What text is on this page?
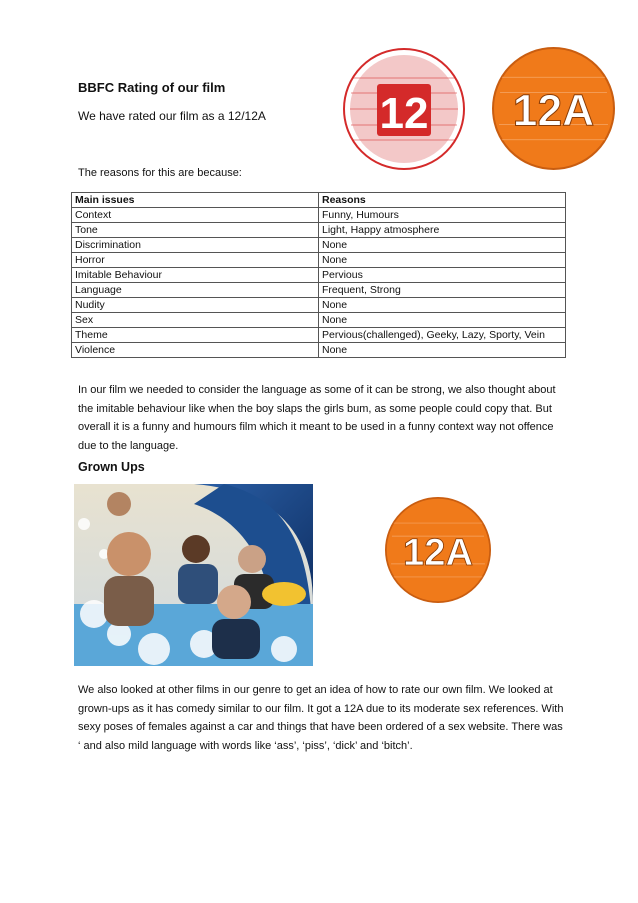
BBFC Rating of our film
We have rated our film as a 12/12A	12 12A
The reasons for this are because:
Main issues	Reasons
Context	Funny, Humours
Tone	Light, Happy atmosphere
Discrimination	None
Horror	None
Imitable Behaviour	Pervious
Language	Frequent, Strong
Nudity	None
Sex	None
Theme	Pervious(challenged), Geeky, Lazy, Sporty, Vein
Violence	None
In our film we needed to consider the language as some of it can be strong, we also thought about the imitable behaviour like when the boy slaps the girls bum, as some people could copy that. But overall it is a funny and humours film which it meant to be used in a funny context way not offence due to the language.
Grown Ups
12A
We also looked at other films in our genre to get an idea of how to rate our own film. We looked at grown-ups as it has comedy similar to our film. It got a 12A due to its moderate sex references. With sexy poses of females against a car and things that have been ordered of a sex website. There was ‘ and also mild language with words like ‘ass’, ‘piss’, ‘dick’ and ‘bitch’.
